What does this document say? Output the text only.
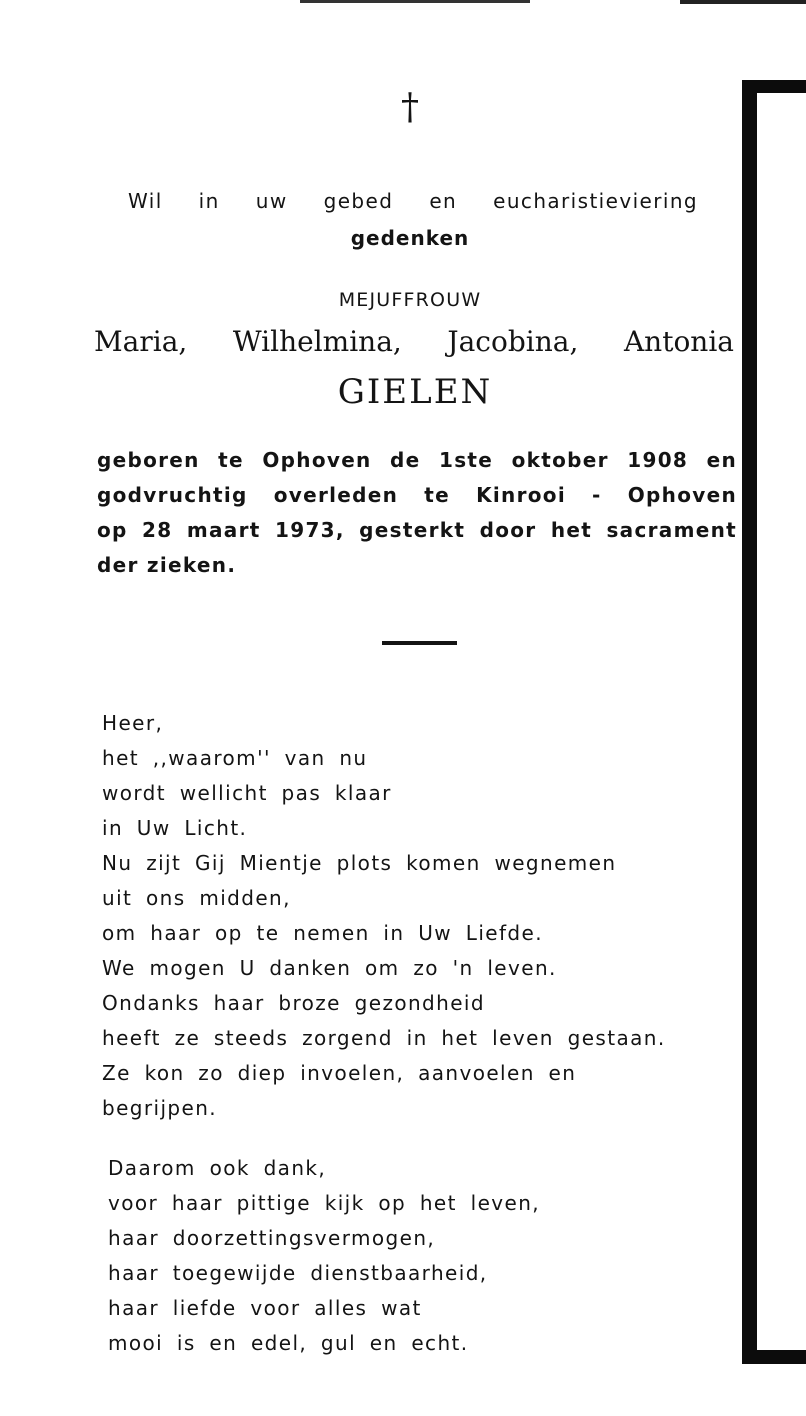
†
Wil in uw gebed en eucharistieviering
gedenken
MEJUFFROUW
Maria, Wilhelmina, Jacobina, Antonia
GIELEN
geboren te Ophoven de 1ste oktober 1908 en
godvruchtig overleden te Kinrooi - Ophoven
op 28 maart 1973, gesterkt door het sacrament
der zieken.
Heer,
het ,,waarom'' van nu
wordt wellicht pas klaar
in Uw Licht.
Nu zijt Gij Mientje plots komen wegnemen
uit ons midden,
om haar op te nemen in Uw Liefde.
We mogen U danken om zo 'n leven.
Ondanks haar broze gezondheid
heeft ze steeds zorgend in het leven gestaan.
Ze kon zo diep invoelen, aanvoelen en
begrijpen.
Daarom ook dank,
voor haar pittige kijk op het leven,
haar doorzettingsvermogen,
haar toegewijde dienstbaarheid,
haar liefde voor alles wat
mooi is en edel, gul en echt.
